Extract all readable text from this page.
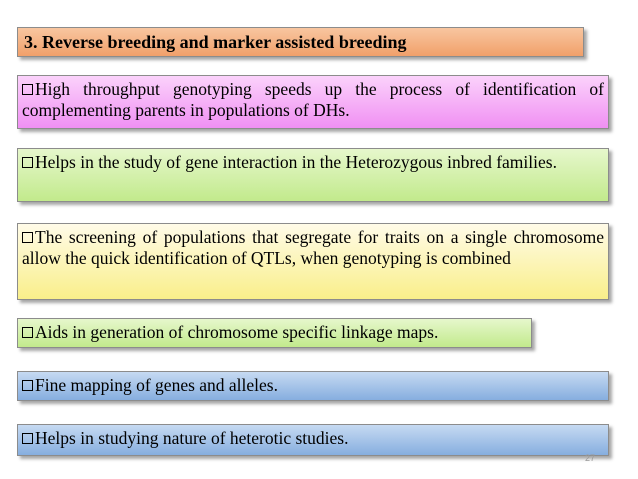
3. Reverse breeding and marker assisted breeding
High throughput genotyping speeds up the process of identification of complementing parents in populations of DHs.
Helps in the study of gene interaction in the Heterozygous inbred families.
The screening of populations that segregate for traits on a single chromosome allow the quick identification of QTLs, when genotyping is combined
Aids in generation of chromosome specific linkage maps.
Fine mapping of genes and alleles.
Helps in studying nature of heterotic studies.
27
